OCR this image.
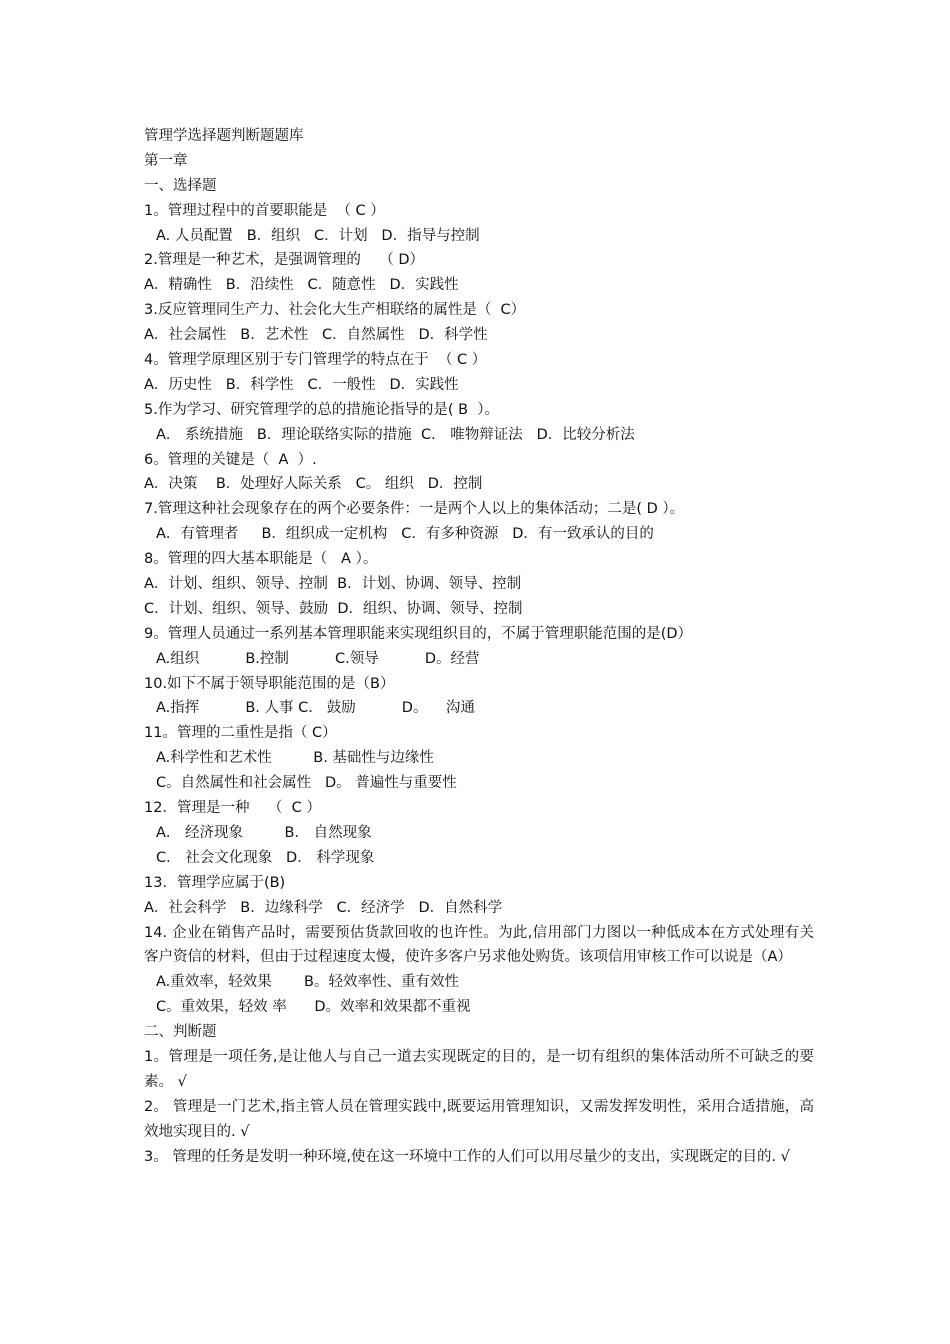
管理学选择题判断题题库
第一章
一、选择题
1。管理过程中的首要职能是  （ C ）
A. 人员配置   B．组织   C．计划   D．指导与控制
2.管理是一种艺术，是强调管理的    （ D）
A．精确性   B．沿续性   C．随意性   D．实践性
3.反应管理同生产力、社会化大生产相联络的属性是（  C）
A．社会属性   B．艺术性   C．自然属性   D．科学性
4。管理学原理区别于专门管理学的特点在于  （ C ）
A．历史性   B．科学性   C．一般性   D．实践性
5.作为学习、研究管理学的总的措施论指导的是( B  ）。
A． 系统措施   B．理论联络实际的措施  C． 唯物辩证法   D．比较分析法
6。管理的关键是（  A  ）.
A．决策    B．处理好人际关系   C。 组织   D．控制
7.管理这种社会现象存在的两个必要条件：一是两个人以上的集体活动；二是( D ）。
A．有管理者     B．组织成一定机构   C．有多种资源   D．有一致承认的目的
8。管理的四大基本职能是（   A ）。
A．计划、组织、领导、控制  B．计划、协调、领导、控制
C．计划、组织、领导、鼓励  D．组织、协调、领导、控制
9。管理人员通过一系列基本管理职能来实现组织目的，不属于管理职能范围的是(D）
A.组织          B.控制          C.领导          D。经营
10.如下不属于领导职能范围的是（B）
A.指挥          B. 人事 C.   鼓励          D。    沟通
11。管理的二重性是指（ C）
A.科学性和艺术性         B. 基础性与边缘性
C。自然属性和社会属性   D。 普遍性与重要性
12．管理是一种    （  C ）
A． 经济现象         B． 自然现象
C． 社会文化现象   D． 科学现象
13．管理学应属于(B)
A．社会科学   B．边缘科学   C．经济学   D．自然科学
14. 企业在销售产品时，需要预估货款回收的也许性。为此,信用部门力图以一种低成本在方式处理有关客户资信的材料，但由于过程速度太慢，使许多客户另求他处购货。该项信用审核工作可以说是（A）
A.重效率，轻效果       B。轻效率性、重有效性
C。重效果，轻效 率      D。效率和效果都不重视
二、判断题
1。管理是一项任务,是让他人与自己一道去实现既定的目的，是一切有组织的集体活动所不可缺乏的要素。 √
2。 管理是一门艺术,指主管人员在管理实践中,既要运用管理知识，又需发挥发明性，采用合适措施，高效地实现目的. √
3。 管理的任务是发明一种环境,使在这一环境中工作的人们可以用尽量少的支出，实现既定的目的. √
